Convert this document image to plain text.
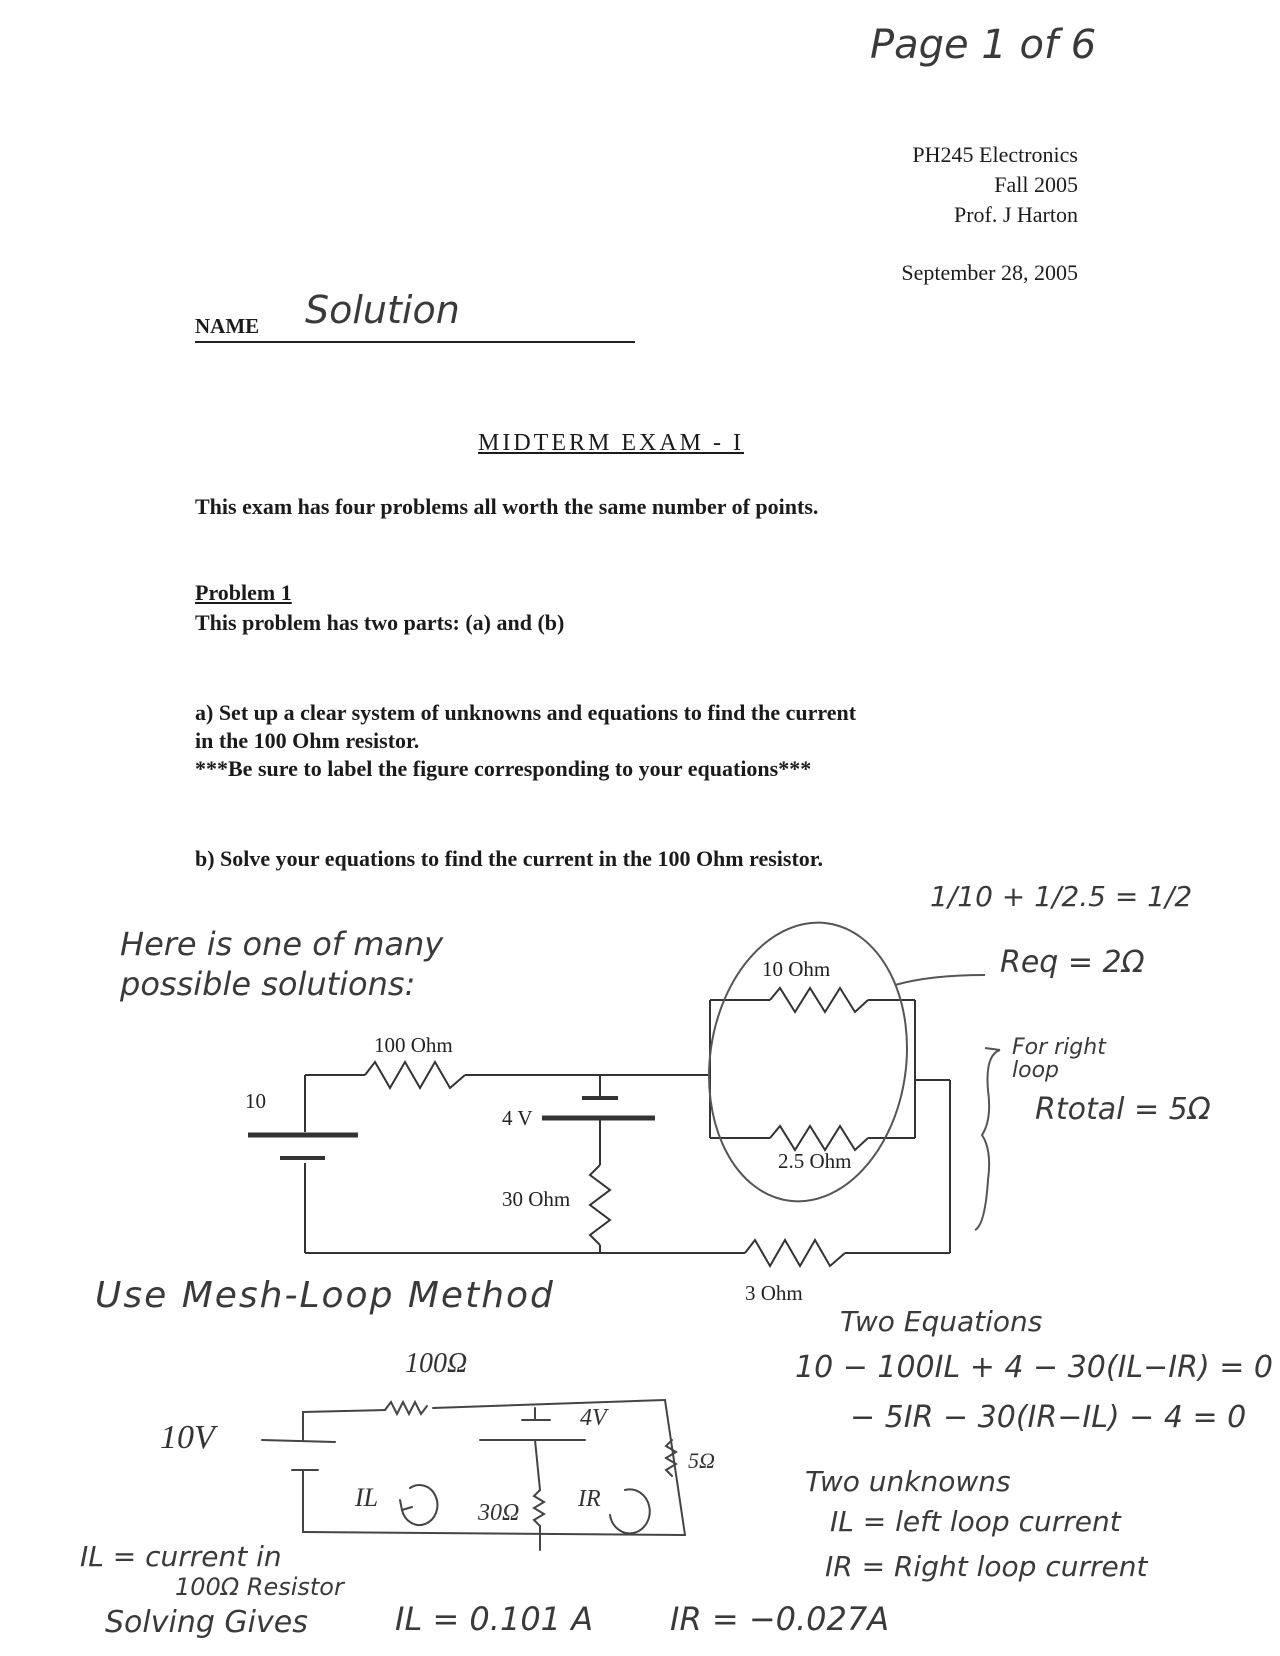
Page 1 of 6
PH245 Electronics
Fall 2005
Prof. J Harton
September 28, 2005
NAME Solution
MIDTERM EXAM - I
This exam has four problems all worth the same number of points.
Problem 1
This problem has two parts: (a) and (b)
a) Set up a clear system of unknowns and equations to find the current
in the 100 Ohm resistor.
***Be sure to label the figure corresponding to your equations***
b) Solve your equations to find the current in the 100 Ohm resistor.
Here is one of many
possible solutions:
1/10 + 1/2.5 = 1/2
Req = 2Ω
For right
loop
Rtotal = 5Ω
Use Mesh-Loop Method
Two Equations
10 − 100IL + 4 − 30(IL−IR) = 0
− 5IR − 30(IR−IL) − 4 = 0
Two unknowns
IL = left loop current
IR = Right loop current
IL = current in
100Ω Resistor
Solving Gives	IL = 0.101 A IR = −0.027A
10 Ohm
100 Ohm
10
4 V
2.5 Ohm
30 Ohm
3 Ohm
100Ω
10V
4V
5Ω
30Ω
IL	IR
